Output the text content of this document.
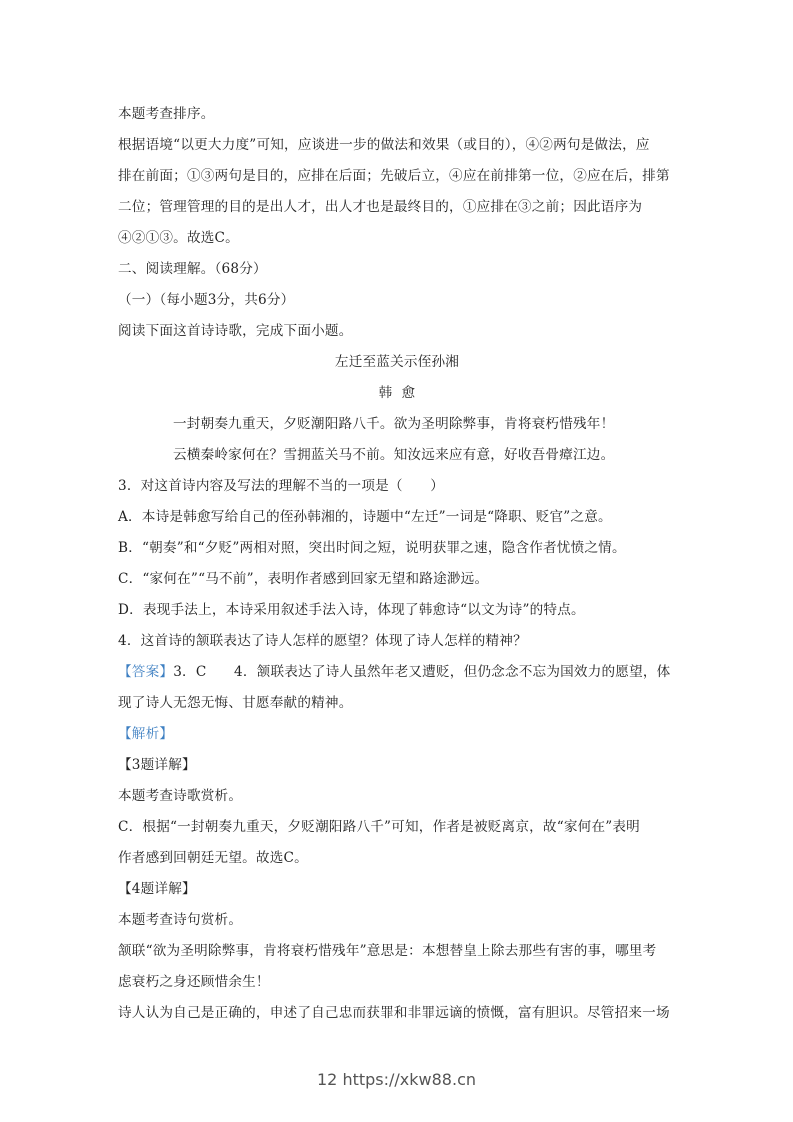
本题考查排序。
根据语境“以更大力度”可知，应谈进一步的做法和效果（或目的），④②两句是做法，应
排在前面；①③两句是目的，应排在后面；先破后立，④应在前排第一位，②应在后，排第
二位；管理管理的目的是出人才，出人才也是最终目的，①应排在③之前；因此语序为
④②①③。故选C。
二、阅读理解。（68分）
（一）（每小题3分，共6分）
阅读下面这首诗诗歌，完成下面小题。
左迁至蓝关示侄孙湘
韩  愈
一封朝奏九重天，夕贬潮阳路八千。欲为圣明除弊事，肯将衰朽惜残年！
云横秦岭家何在？雪拥蓝关马不前。知汝远来应有意，好收吾骨瘴江边。
3．对这首诗内容及写法的理解不当的一项是（　　）
A．本诗是韩愈写给自己的侄孙韩湘的，诗题中“左迁”一词是“降职、贬官”之意。
B．“朝奏”和“夕贬”两相对照，突出时间之短，说明获罪之速，隐含作者忧愤之情。
C．“家何在”“马不前”，表明作者感到回家无望和路途渺远。
D．表现手法上，本诗采用叙述手法入诗，体现了韩愈诗“以文为诗”的特点。
4．这首诗的颔联表达了诗人怎样的愿望？体现了诗人怎样的精神？
【答案】3．C　　4．颔联表达了诗人虽然年老又遭贬，但仍念念不忘为国效力的愿望，体
现了诗人无怨无悔、甘愿奉献的精神。
【解析】
【3题详解】
本题考查诗歌赏析。
C．根据“一封朝奏九重天，夕贬潮阳路八千”可知，作者是被贬离京，故“家何在”表明
作者感到回朝廷无望。故选C。
【4题详解】
本题考查诗句赏析。
颔联“欲为圣明除弊事，肯将衰朽惜残年”意思是：本想替皇上除去那些有害的事，哪里考
虑衰朽之身还顾惜余生！
诗人认为自己是正确的，申述了自己忠而获罪和非罪远谪的愤慨，富有胆识。尽管招来一场
12 https://xkw88.cn
